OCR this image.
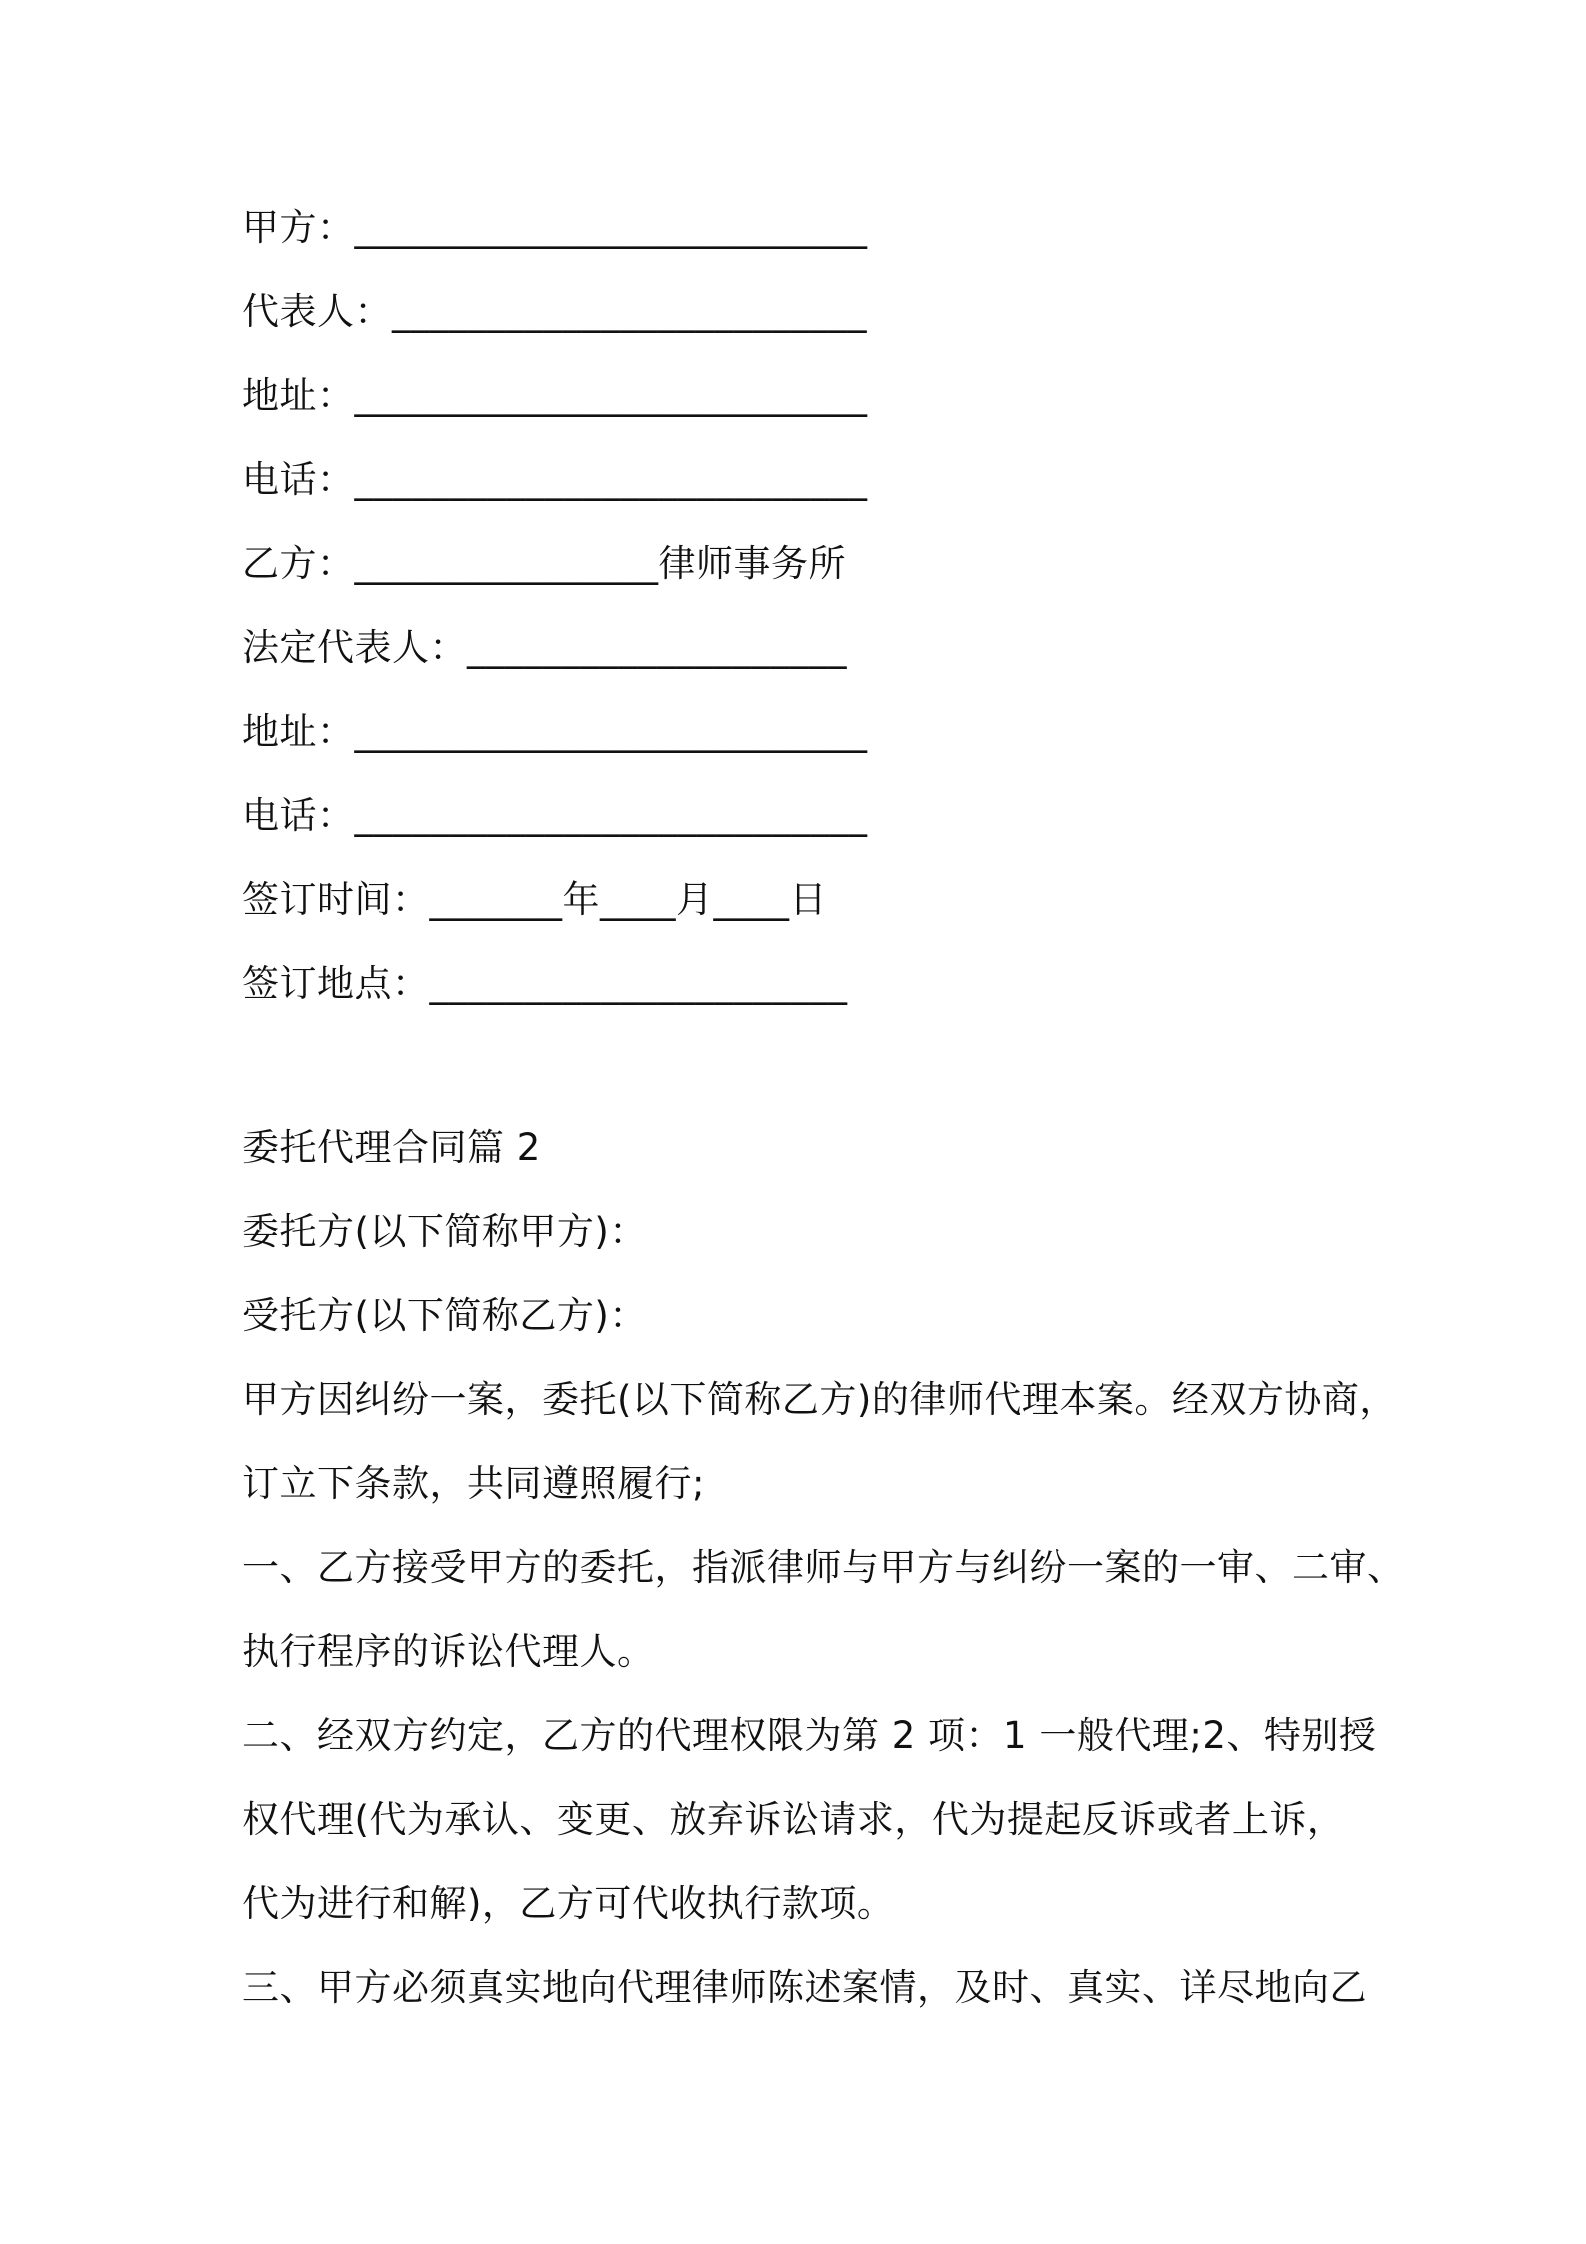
甲方：___________________________
代表人：_________________________
地址：___________________________
电话：___________________________
乙方：________________律师事务所
法定代表人：____________________
地址：___________________________
电话：___________________________
签订时间：_______年____月____日
签订地点：______________________
委托代理合同篇 2
委托方(以下简称甲方)：
受托方(以下简称乙方)：
甲方因纠纷一案，委托(以下简称乙方)的律师代理本案。经双方协商，
订立下条款，共同遵照履行;
一、乙方接受甲方的委托，指派律师与甲方与纠纷一案的一审、二审、
执行程序的诉讼代理人。
二、经双方约定，乙方的代理权限为第 2 项：1 一般代理;2、特别授
权代理(代为承认、变更、放弃诉讼请求，代为提起反诉或者上诉，
代为进行和解)，乙方可代收执行款项。
三、甲方必须真实地向代理律师陈述案情，及时、真实、详尽地向乙
